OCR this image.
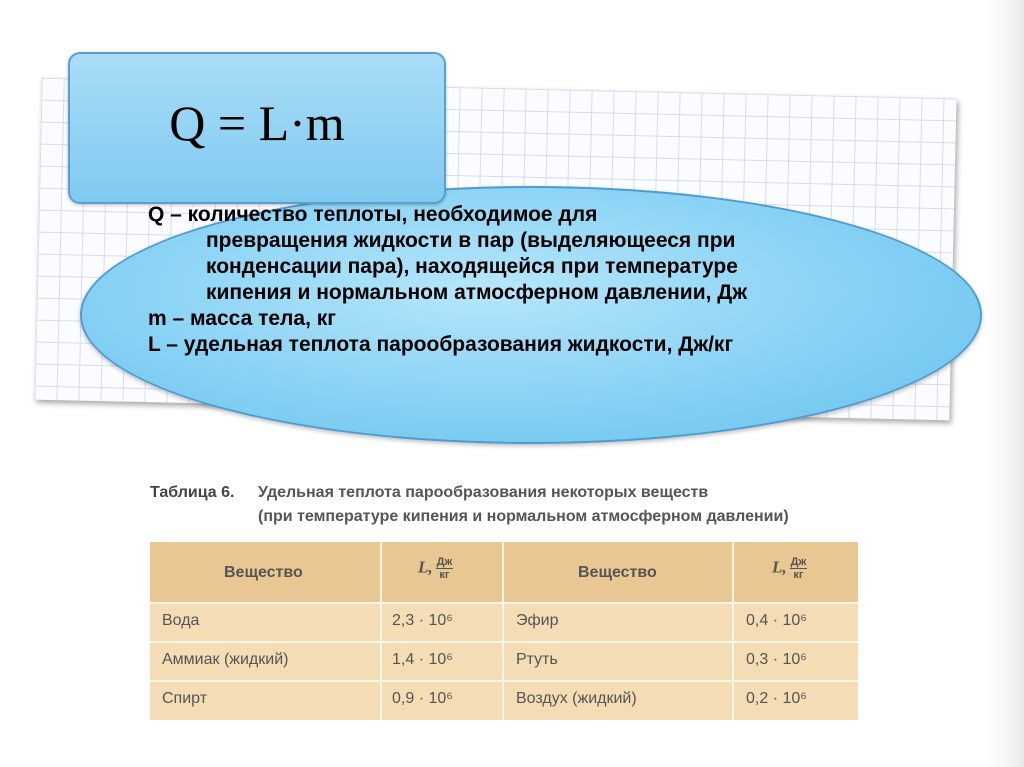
Q = L·m
Q – количество теплоты, необходимое для
превращения жидкости в пар (выделяющееся при
конденсации пара), находящейся при температуре
кипения и нормальном атмосферном давлении, Дж
m – масса тела, кг
L – удельная теплота парообразования жидкости, Дж/кг
Таблица 6. Удельная теплота парообразования некоторых веществ
(при температуре кипения и нормальном атмосферном давлении)
Вещество	L, $\frac{Дж}{кг}$	Вещество	L, $\frac{Дж}{кг}$
Вода	2,3 · 10⁶	Эфир	0,4 · 10⁶
Аммиак (жидкий)	1,4 · 10⁶	Ртуть	0,3 · 10⁶
Спирт	0,9 · 10⁶	Воздух (жидкий)	0,2 · 10⁶
